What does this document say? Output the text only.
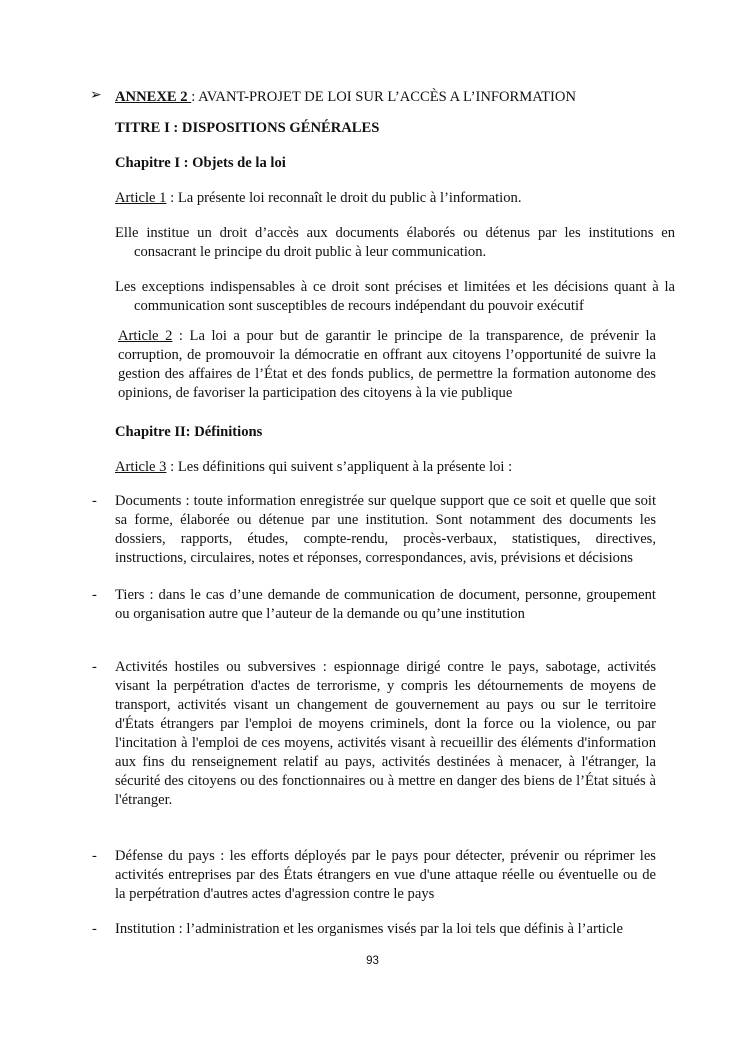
➢ ANNEXE 2 : AVANT-PROJET DE LOI SUR L’ACCÈS A L’INFORMATION
TITRE I : DISPOSITIONS GÉNÉRALES
Chapitre I : Objets de la loi
Article 1 : La présente loi reconnaît le droit du public à l’information.
Elle institue un droit d’accès aux documents élaborés ou détenus par les institutions en consacrant le principe du droit public à leur communication.
Les exceptions indispensables à ce droit sont précises et limitées et les décisions quant à la communication sont susceptibles de recours indépendant du pouvoir exécutif
Article 2 : La loi a pour but de garantir le principe de la transparence, de prévenir la corruption, de promouvoir la démocratie en offrant aux citoyens l’opportunité de suivre la gestion des affaires de l’État et des fonds publics, de permettre la formation autonome des opinions, de favoriser la participation des citoyens à la vie publique
Chapitre II: Définitions
Article 3 : Les définitions qui suivent s’appliquent à la présente loi :
- Documents : toute information enregistrée sur quelque support que ce soit et quelle que soit sa forme, élaborée ou détenue par une institution. Sont notamment des documents les dossiers, rapports, études, compte-rendu, procès-verbaux, statistiques, directives, instructions, circulaires, notes et réponses, correspondances, avis, prévisions et décisions
- Tiers : dans le cas d’une demande de communication de document, personne, groupement ou organisation autre que l’auteur de la demande ou qu’une institution
- Activités hostiles ou subversives : espionnage dirigé contre le pays, sabotage, activités visant la perpétration d'actes de terrorisme, y compris les détournements de moyens de transport, activités visant un changement de gouvernement au pays ou sur le territoire d'États étrangers par l'emploi de moyens criminels, dont la force ou la violence, ou par l'incitation à l'emploi de ces moyens, activités visant à recueillir des éléments d'information aux fins du renseignement relatif au pays, activités destinées à menacer, à l'étranger, la sécurité des citoyens ou des fonctionnaires ou à mettre en danger des biens de l’État situés à l'étranger.
- Défense du pays : les efforts déployés par le pays pour détecter, prévenir ou réprimer les activités entreprises par des États étrangers en vue d'une attaque réelle ou éventuelle ou de la perpétration d'autres actes d'agression contre le pays
- Institution : l’administration et les organismes visés par la loi tels que définis à l’article
93
